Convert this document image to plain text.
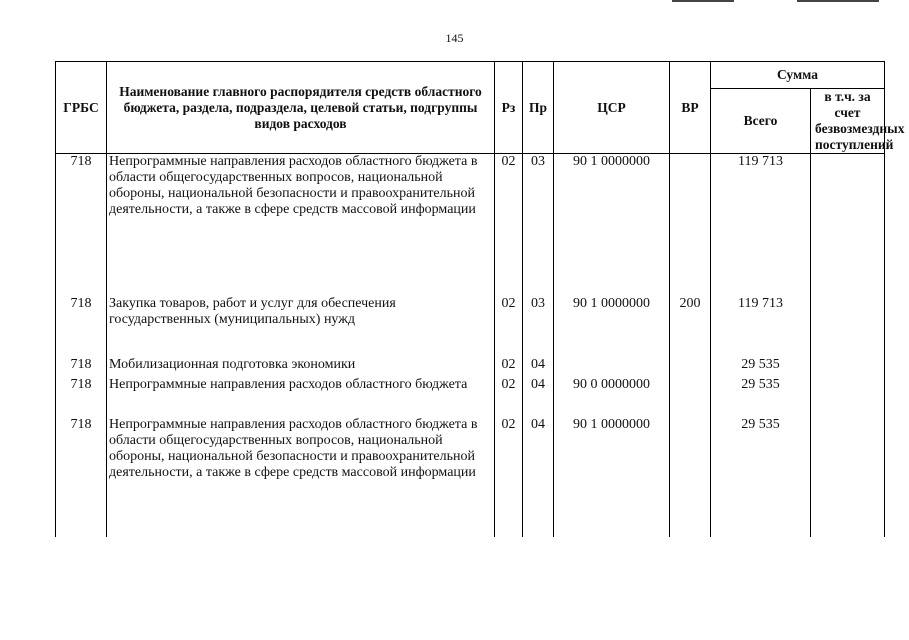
145
ГРБС	Наименование главного распорядителя средств областного бюджета, раздела, подраздела, целевой статьи, подгруппы видов расходов	Рз	Пр	ЦСР	ВР	Сумма	
						Всего	в т.ч. за счет безвозмездных поступлений
718	Непрограммные направления расходов областного бюджета в области общегосударственных вопросов, национальной обороны, национальной безопасности и правоохранительной деятельности, а также в сфере средств массовой информации	02	03	90 1 0000000		119 713	
718	Закупка товаров, работ и услуг для обеспечения государственных (муниципальных) нужд	02	03	90 1 0000000	200	119 713	
718	Мобилизационная подготовка экономики	02	04			29 535	
718	Непрограммные направления расходов областного бюджета	02	04	90 0 0000000		29 535	
718	Непрограммные направления расходов областного бюджета в области общегосударственных вопросов, национальной обороны, национальной безопасности и правоохранительной деятельности, а также в сфере средств массовой информации	02	04	90 1 0000000		29 535	
